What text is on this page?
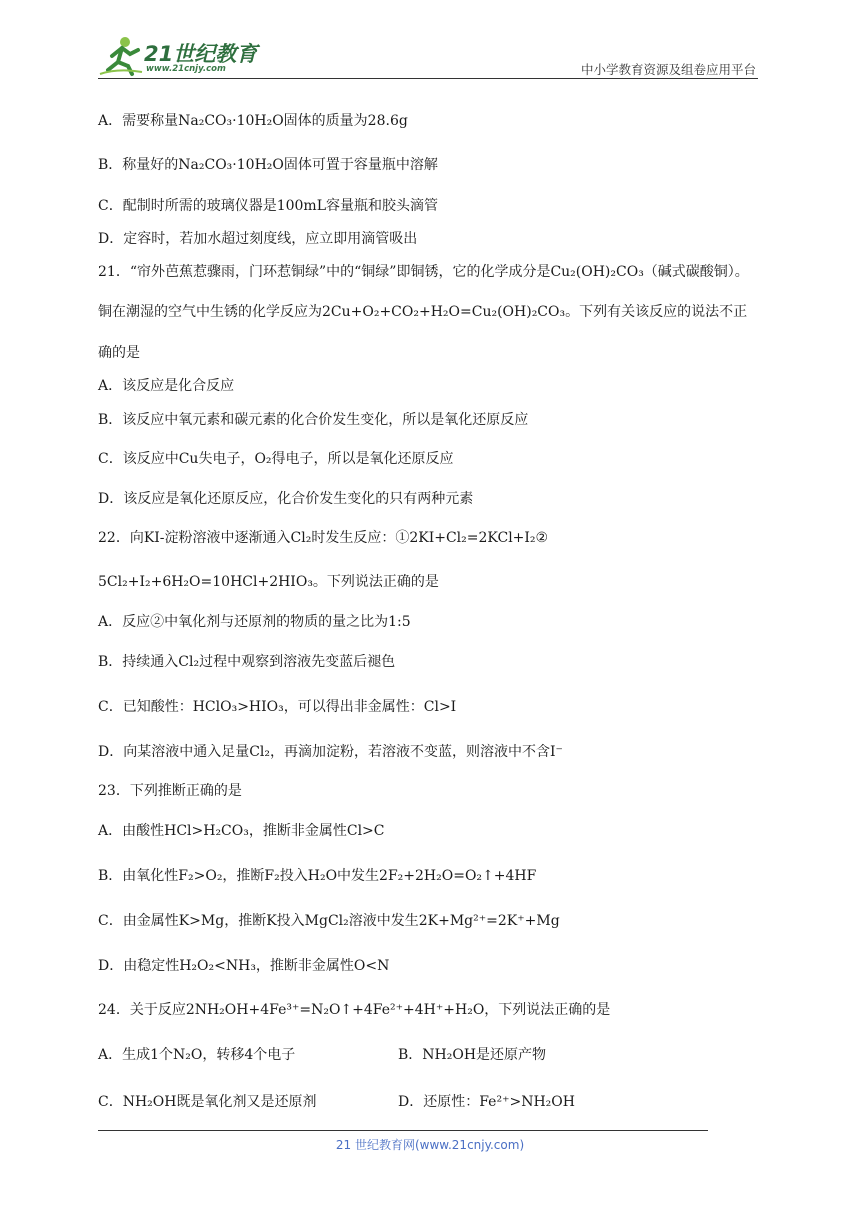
21世纪教育
www.21cnjy.com	中小学教育资源及组卷应用平台
A．需要称量Na₂CO₃·10H₂O固体的质量为28.6g
B．称量好的Na₂CO₃·10H₂O固体可置于容量瓶中溶解
C．配制时所需的玻璃仪器是100mL容量瓶和胶头滴管
D．定容时，若加水超过刻度线，应立即用滴管吸出
21．“帘外芭蕉惹骤雨，门环惹铜绿”中的“铜绿”即铜锈，它的化学成分是Cu₂(OH)₂CO₃（碱式碳酸铜）。
铜在潮湿的空气中生锈的化学反应为2Cu+O₂+CO₂+H₂O=Cu₂(OH)₂CO₃。下列有关该反应的说法不正
确的是
A．该反应是化合反应
B．该反应中氧元素和碳元素的化合价发生变化，所以是氧化还原反应
C．该反应中Cu失电子，O₂得电子，所以是氧化还原反应
D．该反应是氧化还原反应，化合价发生变化的只有两种元素
22．向KI-淀粉溶液中逐渐通入Cl₂时发生反应：①2KI+Cl₂=2KCl+I₂②
5Cl₂+I₂+6H₂O=10HCl+2HIO₃。下列说法正确的是
A．反应②中氧化剂与还原剂的物质的量之比为1:5
B．持续通入Cl₂过程中观察到溶液先变蓝后褪色
C．已知酸性：HClO₃>HIO₃，可以得出非金属性：Cl>I
D．向某溶液中通入足量Cl₂，再滴加淀粉，若溶液不变蓝，则溶液中不含I⁻
23．下列推断正确的是
A．由酸性HCl>H₂CO₃，推断非金属性Cl>C
B．由氧化性F₂>O₂，推断F₂投入H₂O中发生2F₂+2H₂O=O₂↑+4HF
C．由金属性K>Mg，推断K投入MgCl₂溶液中发生2K+Mg²⁺=2K⁺+Mg
D．由稳定性H₂O₂<NH₃，推断非金属性O<N
24．关于反应2NH₂OH+4Fe³⁺=N₂O↑+4Fe²⁺+4H⁺+H₂O，下列说法正确的是
A．生成1个N₂O，转移4个电子	B．NH₂OH是还原产物
C．NH₂OH既是氧化剂又是还原剂	D．还原性：Fe²⁺>NH₂OH
21 世纪教育网(www.21cnjy.com)
